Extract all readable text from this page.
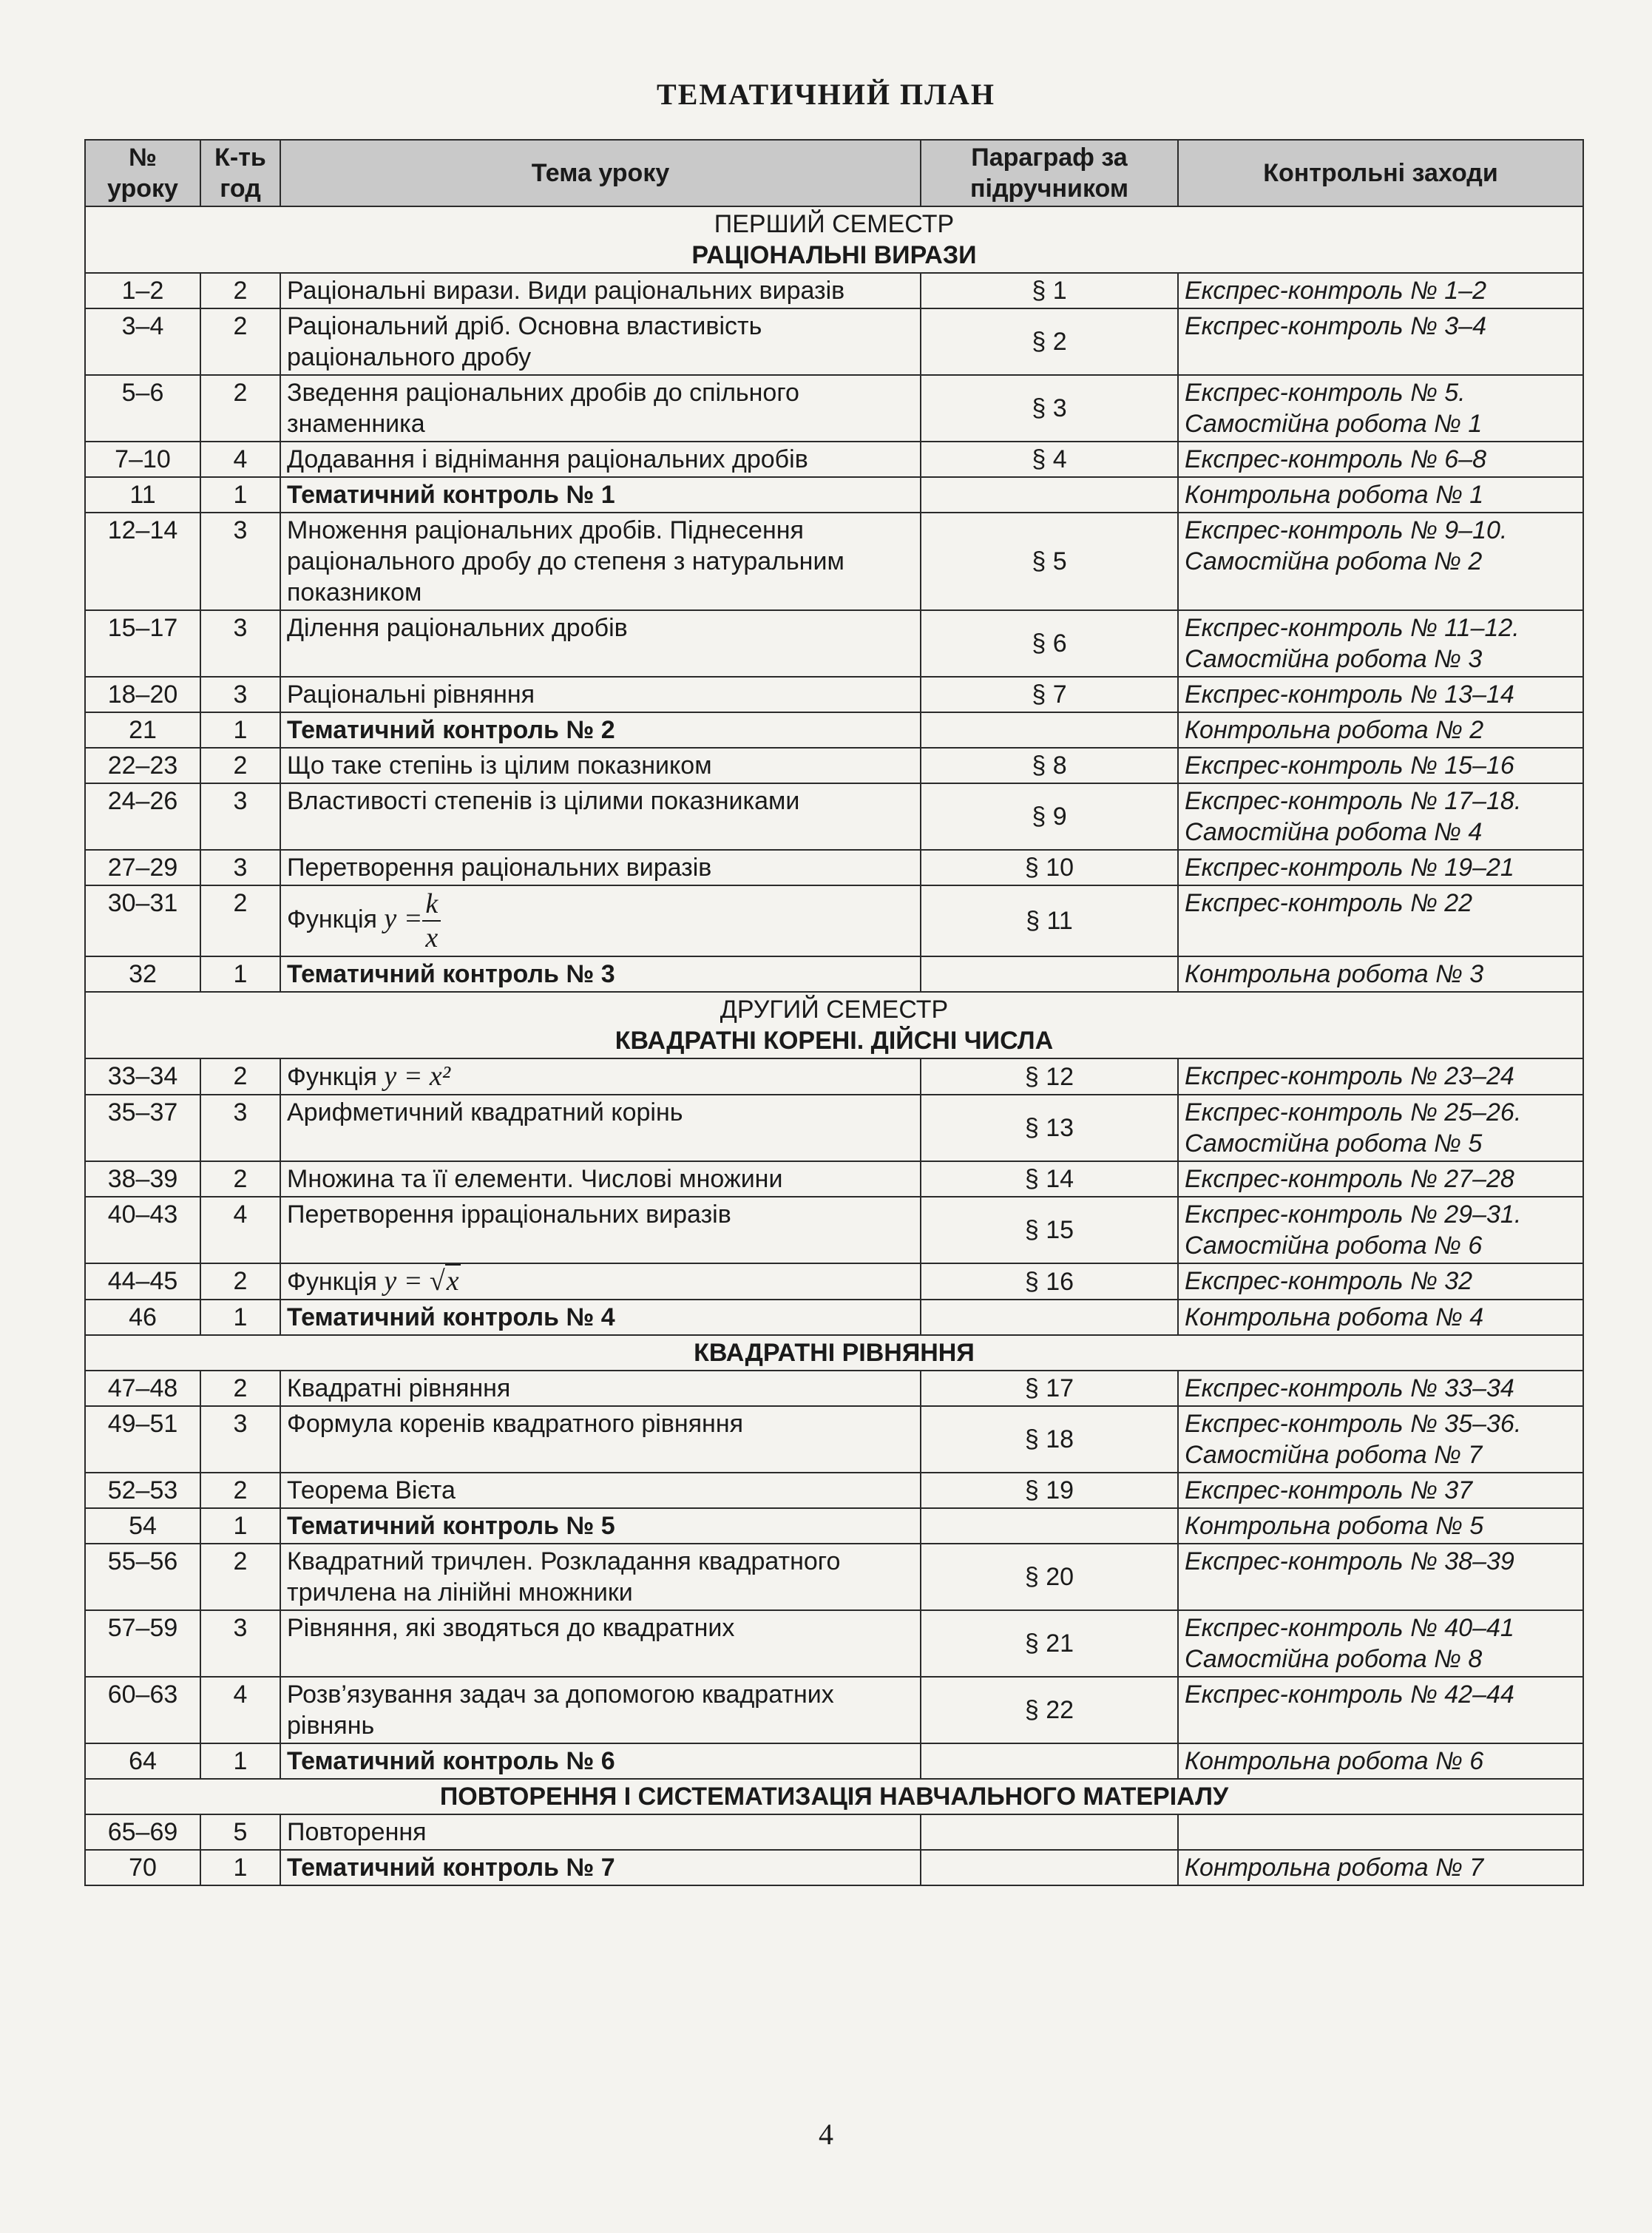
ТЕМАТИЧНИЙ ПЛАН
№ уроку	К-ть год	Тема уроку	Параграф за підручником	Контрольні заходи

ПЕРШИЙ СЕМЕСТР
РАЦІОНАЛЬНІ ВИРАЗИ				

1–2	2	Раціональні вирази. Види раціональних виразів	§ 1	Експрес-контроль № 1–2

3–4	2	Раціональний дріб. Основна властивість раціонального дробу	§ 2	Експрес-контроль № 3–4

5–6	2	Зведення раціональних дробів до спільного знаменника	§ 3	Експрес-контроль № 5.
Самостійна робота № 1

7–10	4	Додавання і віднімання раціональних дробів	§ 4	Експрес-контроль № 6–8

11	1	Тематичний контроль № 1		Контрольна робота № 1

12–14	3	Множення раціональних дробів. Піднесення раціонального дробу до степеня з натуральним показником	§ 5	Експрес-контроль № 9–10.
Самостійна робота № 2

15–17	3	Ділення раціональних дробів	§ 6	Експрес-контроль № 11–12.
Самостійна робота № 3

18–20	3	Раціональні рівняння	§ 7	Експрес-контроль № 13–14

21	1	Тематичний контроль № 2		Контрольна робота № 2

22–23	2	Що таке степінь із цілим показником	§ 8	Експрес-контроль № 15–16

24–26	3	Властивості степенів із цілими показниками	§ 9	Експрес-контроль № 17–18.
Самостійна робота № 4

27–29	3	Перетворення раціональних виразів	§ 10	Експрес-контроль № 19–21

30–31	2	Функція $y = \frac{k}{x}$	§ 11	Експрес-контроль № 22

32	1	Тематичний контроль № 3		Контрольна робота № 3

ДРУГИЙ СЕМЕСТР
КВАДРАТНІ КОРЕНІ. ДІЙСНІ ЧИСЛА				

33–34	2	Функція y = x²	§ 12	Експрес-контроль № 23–24

35–37	3	Арифметичний квадратний корінь	§ 13	Експрес-контроль № 25–26.
Самостійна робота № 5

38–39	2	Множина та її елементи. Числові множини	§ 14	Експрес-контроль № 27–28

40–43	4	Перетворення ірраціональних виразів	§ 15	Експрес-контроль № 29–31.
Самостійна робота № 6

44–45	2	Функція y = √x	§ 16	Експрес-контроль № 32

46	1	Тематичний контроль № 4		Контрольна робота № 4

КВАДРАТНІ РІВНЯННЯ				

47–48	2	Квадратні рівняння	§ 17	Експрес-контроль № 33–34

49–51	3	Формула коренів квадратного рівняння	§ 18	Експрес-контроль № 35–36.
Самостійна робота № 7

52–53	2	Теорема Вієта	§ 19	Експрес-контроль № 37

54	1	Тематичний контроль № 5		Контрольна робота № 5

55–56	2	Квадратний тричлен. Розкладання квадратного тричлена на лінійні множники	§ 20	Експрес-контроль № 38–39

57–59	3	Рівняння, які зводяться до квадратних	§ 21	Експрес-контроль № 40–41
Самостійна робота № 8

60–63	4	Розв’язування задач за допомогою квадратних рівнянь	§ 22	Експрес-контроль № 42–44

64	1	Тематичний контроль № 6		Контрольна робота № 6

ПОВТОРЕННЯ І СИСТЕМАТИЗАЦІЯ НАВЧАЛЬНОГО МАТЕРІАЛУ				

65–69	5	Повторення		
70	1	Тематичний контроль № 7		Контрольна робота № 7
4
